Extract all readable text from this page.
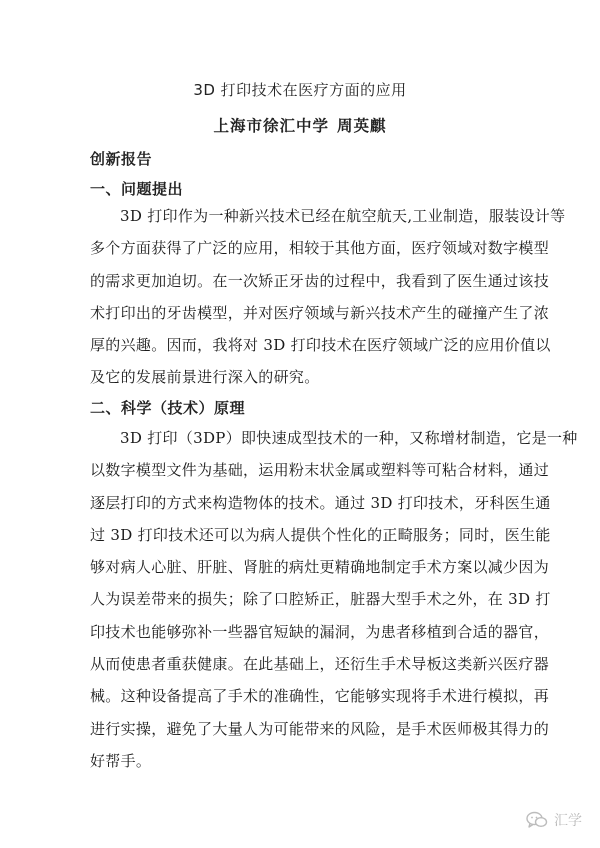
3D 打印技术在医疗方面的应用
上海市徐汇中学 周英麒
创新报告
一、问题提出
3D 打印作为一种新兴技术已经在航空航天,工业制造，服装设计等
多个方面获得了广泛的应用，相较于其他方面，医疗领域对数字模型
的需求更加迫切。在一次矫正牙齿的过程中，我看到了医生通过该技
术打印出的牙齿模型，并对医疗领域与新兴技术产生的碰撞产生了浓
厚的兴趣。因而，我将对 3D 打印技术在医疗领域广泛的应用价值以
及它的发展前景进行深入的研究。
二、科学（技术）原理
3D 打印（3DP）即快速成型技术的一种，又称增材制造，它是一种
以数字模型文件为基础，运用粉末状金属或塑料等可粘合材料，通过
逐层打印的方式来构造物体的技术。通过 3D 打印技术，牙科医生通
过 3D 打印技术还可以为病人提供个性化的正畸服务；同时，医生能
够对病人心脏、肝脏、肾脏的病灶更精确地制定手术方案以减少因为
人为误差带来的损失；除了口腔矫正，脏器大型手术之外，在 3D 打
印技术也能够弥补一些器官短缺的漏洞，为患者移植到合适的器官，
从而使患者重获健康。在此基础上，还衍生手术导板这类新兴医疗器
械。这种设备提高了手术的准确性，它能够实现将手术进行模拟，再
进行实操，避免了大量人为可能带来的风险，是手术医师极其得力的
好帮手。
汇学
